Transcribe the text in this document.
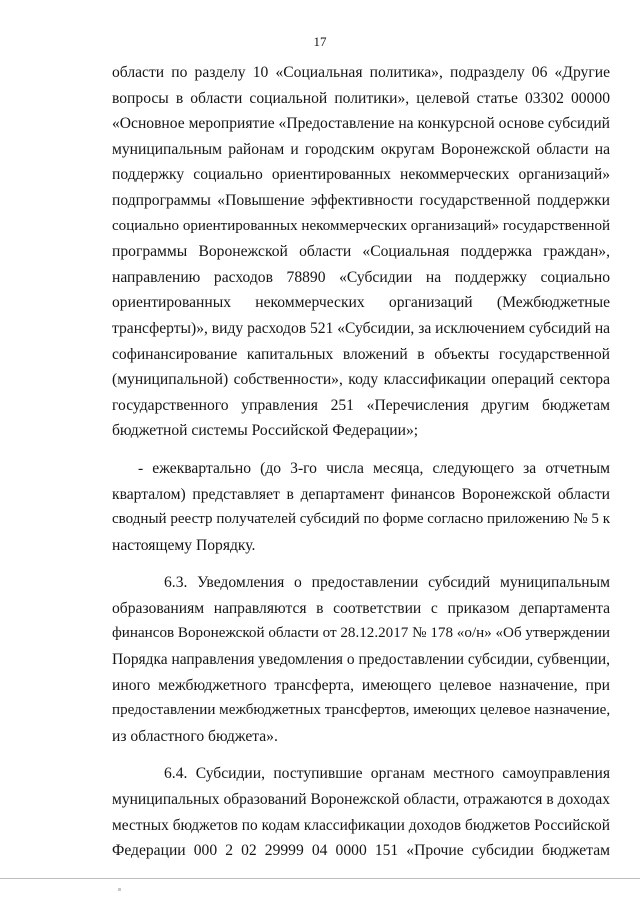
17
области по разделу 10 «Социальная политика», подразделу 06 «Другие
вопросы в области социальной политики», целевой статье 03302 00000
«Основное мероприятие «Предоставление на конкурсной основе субсидий
муниципальным районам и городским округам Воронежской области на
поддержку социально ориентированных некоммерческих организаций»
подпрограммы «Повышение эффективности государственной поддержки
социально ориентированных некоммерческих организаций» государственной
программы Воронежской области «Социальная поддержка граждан»,
направлению расходов 78890 «Субсидии на поддержку социально
ориентированных некоммерческих организаций (Межбюджетные
трансферты)», виду расходов 521 «Субсидии, за исключением субсидий на
софинансирование капитальных вложений в объекты государственной
(муниципальной) собственности», коду классификации операций сектора
государственного управления 251 «Перечисления другим бюджетам
бюджетной системы Российской Федерации»;
- ежеквартально (до 3-го числа месяца, следующего за отчетным
кварталом) представляет в департамент финансов Воронежской области
сводный реестр получателей субсидий по форме согласно приложению № 5 к
настоящему Порядку.
6.3. Уведомления о предоставлении субсидий муниципальным
образованиям направляются в соответствии с приказом департамента
финансов Воронежской области от 28.12.2017 № 178 «о/н» «Об утверждении
Порядка направления уведомления о предоставлении субсидии, субвенции,
иного межбюджетного трансферта, имеющего целевое назначение, при
предоставлении межбюджетных трансфертов, имеющих целевое назначение,
из областного бюджета».
6.4. Субсидии, поступившие органам местного самоуправления
муниципальных образований Воронежской области, отражаются в доходах
местных бюджетов по кодам классификации доходов бюджетов Российской
Федерации 000 2 02 29999 04 0000 151 «Прочие субсидии бюджетам
